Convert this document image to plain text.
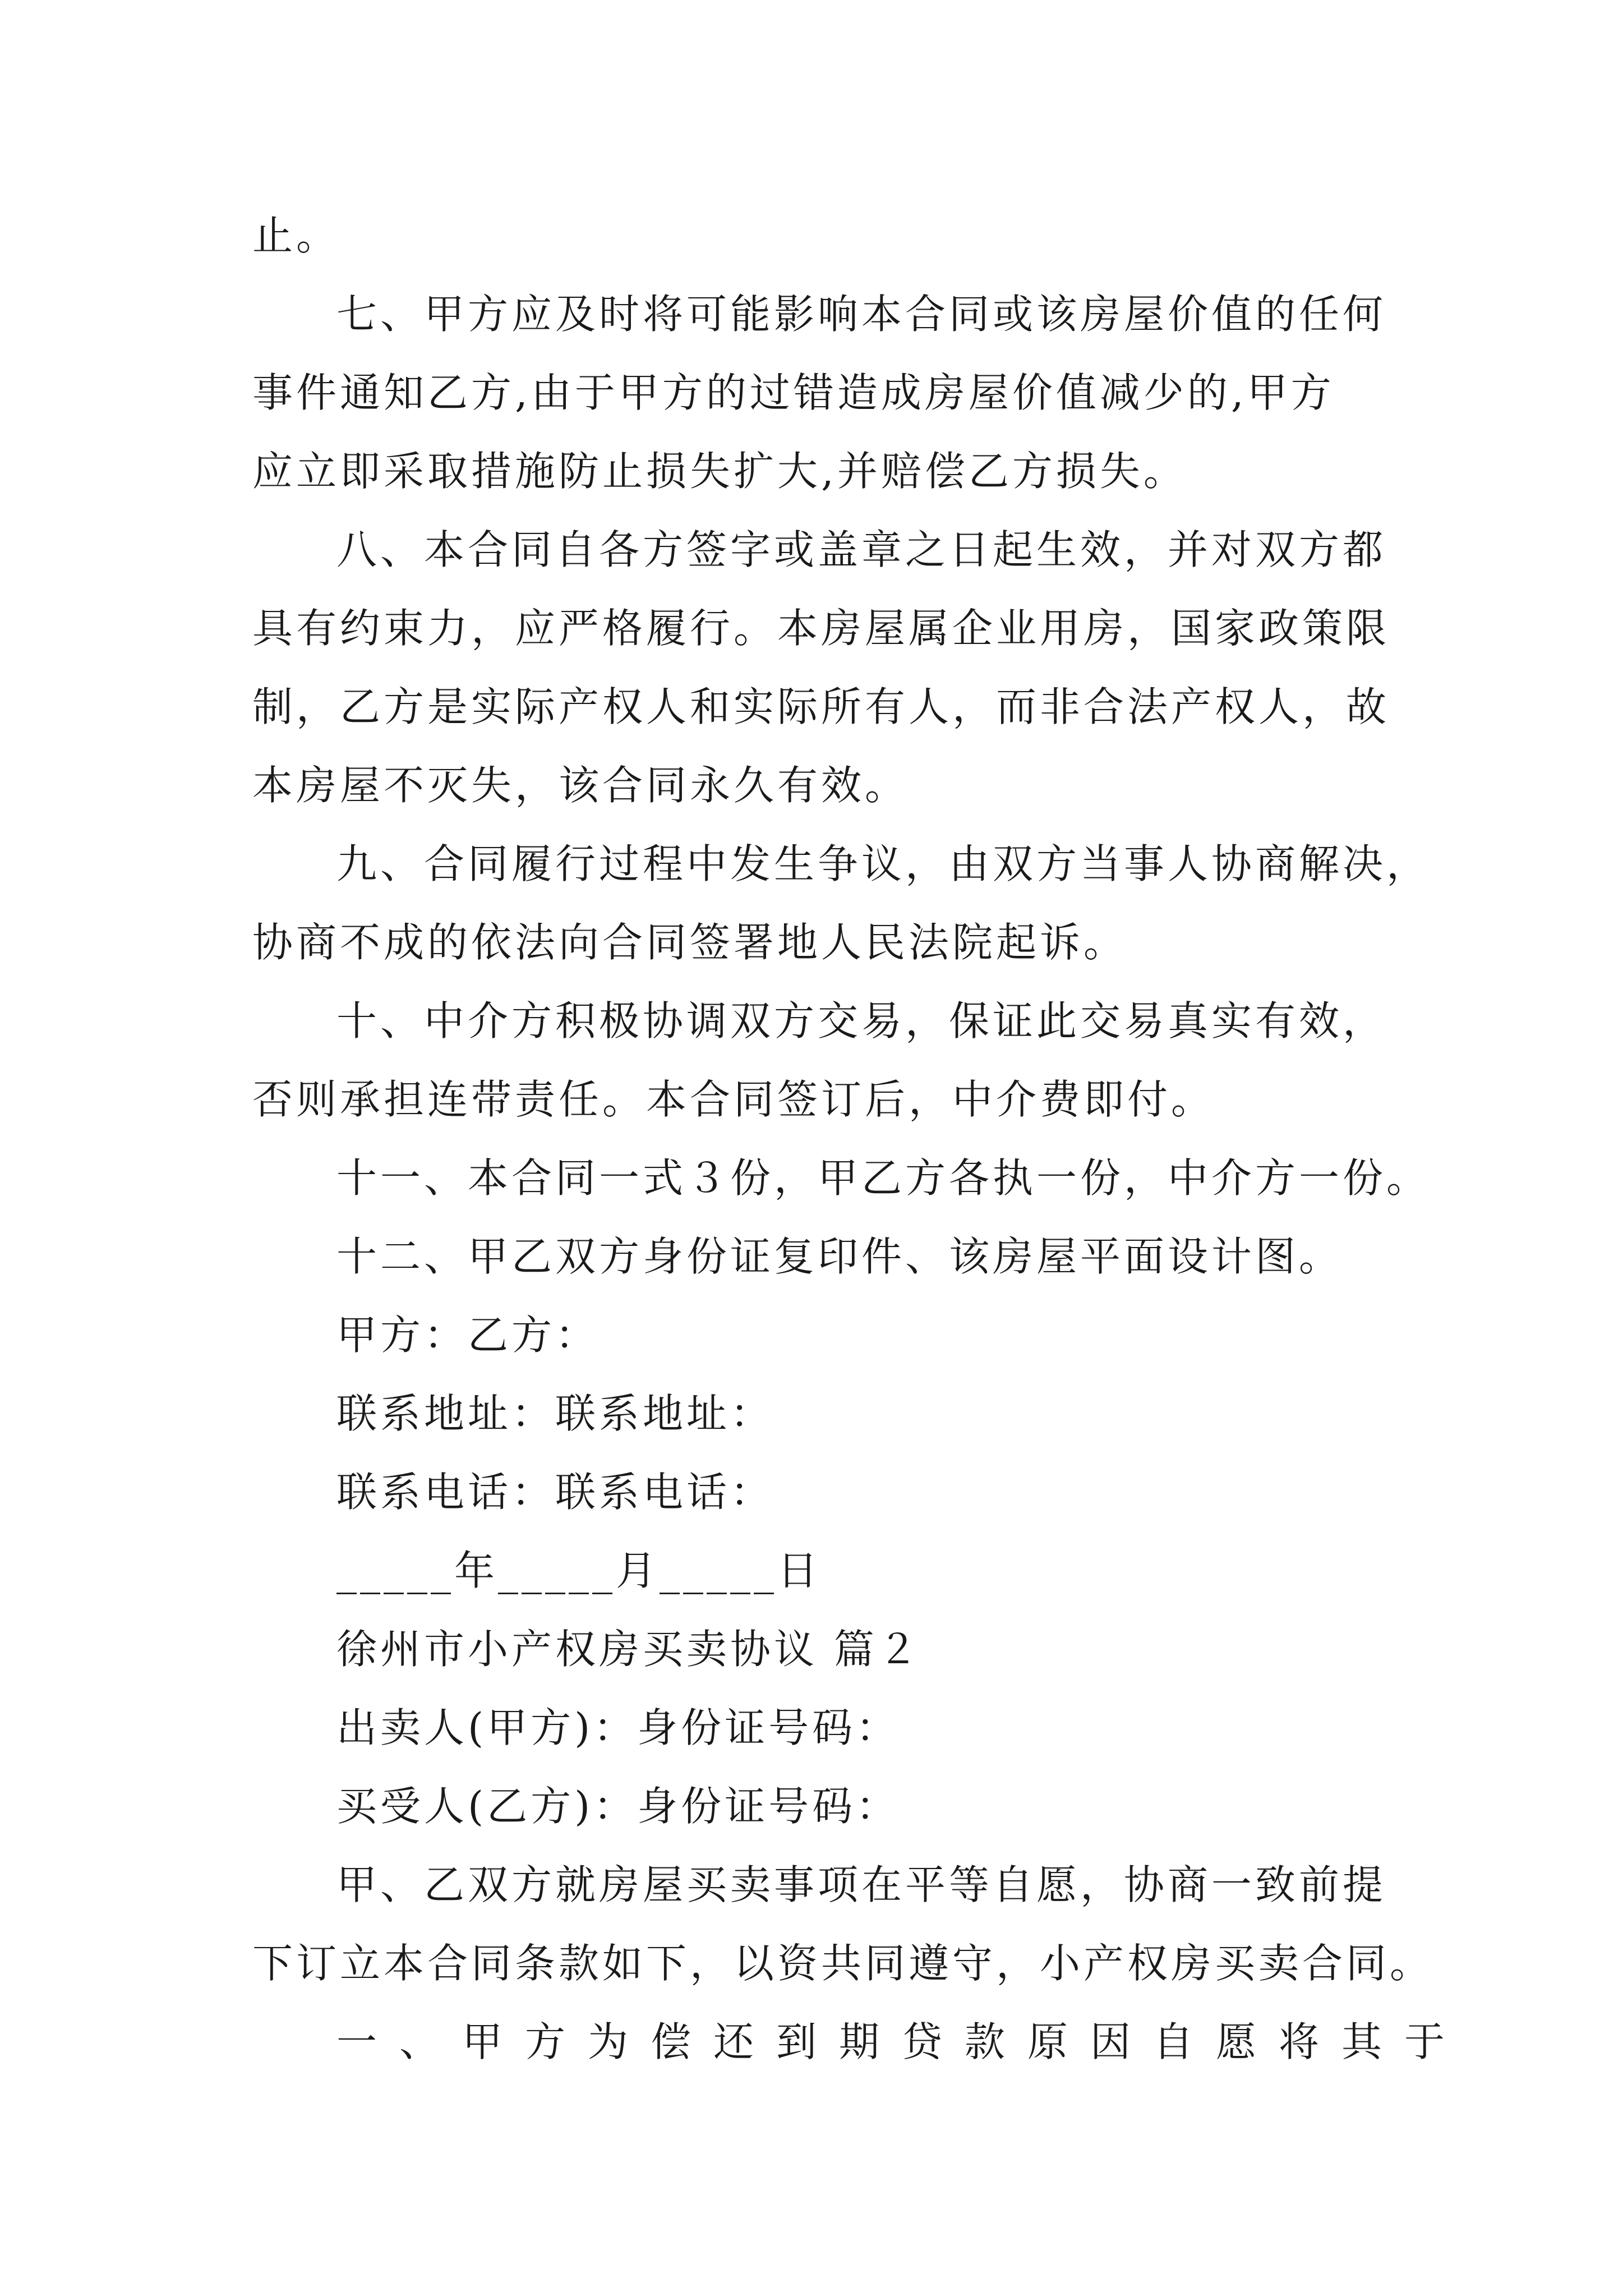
止。
七、甲方应及时将可能影响本合同或该房屋价值的任何
事件通知乙方,由于甲方的过错造成房屋价值减少的,甲方
应立即采取措施防止损失扩大,并赔偿乙方损失。
八、本合同自各方签字或盖章之日起生效，并对双方都
具有约束力，应严格履行。本房屋属企业用房，国家政策限
制，乙方是实际产权人和实际所有人，而非合法产权人，故
本房屋不灭失，该合同永久有效。
九、合同履行过程中发生争议，由双方当事人协商解决，
协商不成的依法向合同签署地人民法院起诉。
十、中介方积极协调双方交易，保证此交易真实有效，
否则承担连带责任。本合同签订后，中介费即付。
十一、本合同一式３份，甲乙方各执一份，中介方一份。
十二、甲乙双方身份证复印件、该房屋平面设计图。
甲方：乙方：
联系地址：联系地址：
联系电话：联系电话：
_____年_____月_____日
徐州市小产权房买卖协议 篇２
出卖人(甲方)：身份证号码：
买受人(乙方)：身份证号码：
甲、乙双方就房屋买卖事项在平等自愿，协商一致前提
下订立本合同条款如下，以资共同遵守，小产权房买卖合同。
一、甲方为偿还到期贷款原因自愿将其于
